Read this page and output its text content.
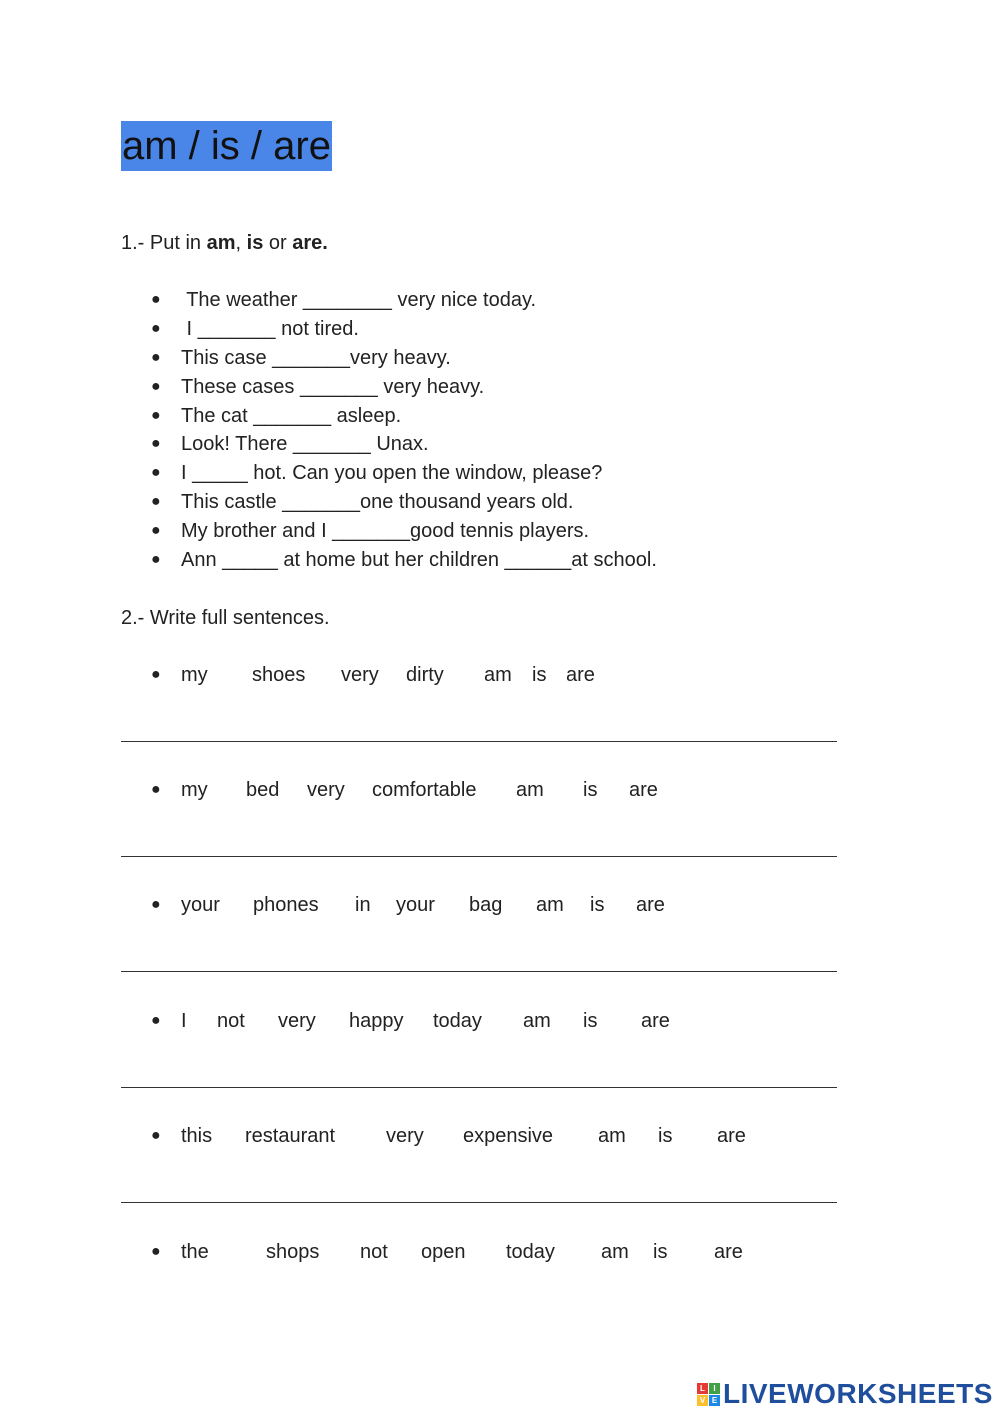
am / is / are
1.- Put in am, is or are.
●	The weather ________ very nice today.
●	I _______ not tired.
●	This case _______very heavy.
●	These cases _______ very heavy.
●	The cat _______ asleep.
●	Look! There _______ Unax.
●	I _____ hot. Can you open the window, please?
●	This castle _______one thousand years old.
●	My brother and I _______good tennis players.
●	Ann _____ at home but her children ______at school.
2.- Write full sentences.
● my shoes very dirty am is are
● my bed very comfortable am is are
● your phones in your bag am is are
● I not very happy today am is are
● this restaurant	very expensive am is are
● the	shops not open today am is are
L	I
V E LIVEWORKSHEETS
